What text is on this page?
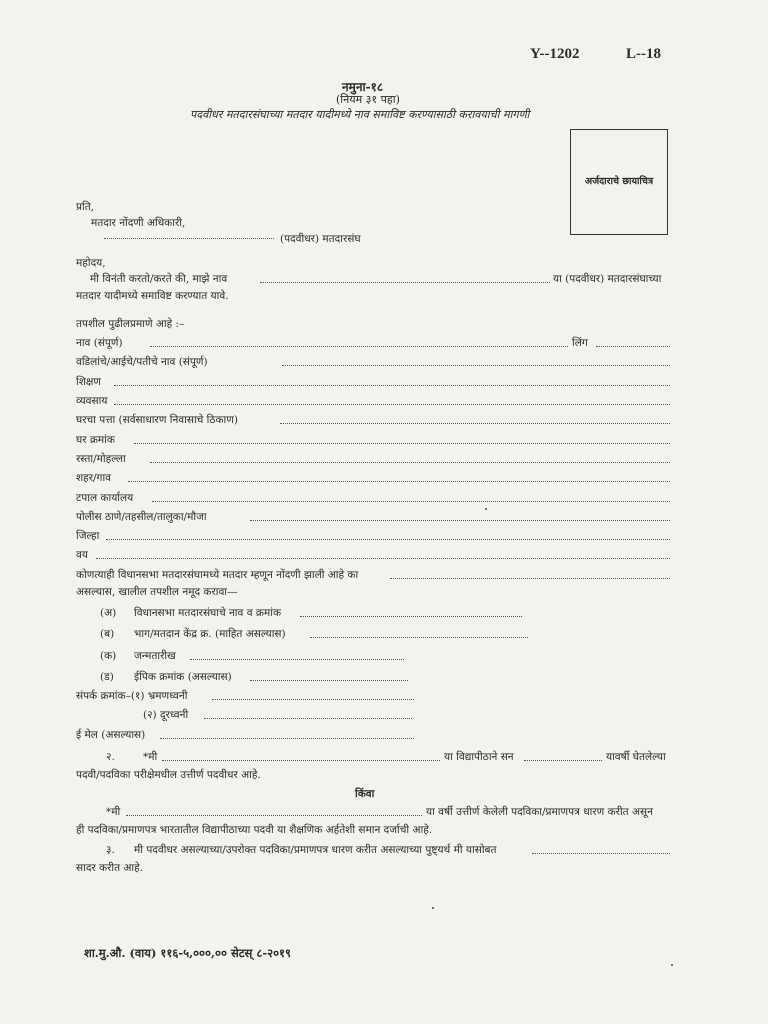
Y--1202	L--18
नमुना-१८
(नियम ३१ पहा)
पदवीधर मतदारसंघाच्या मतदार यादीमध्ये नाव समाविष्ट करण्यासाठी करावयाची मागणी
अर्जदाराचे छायाचित्र
प्रति,
मतदार नोंदणी अधिकारी,
(पदवीधर) मतदारसंघ
महोदय,
मी विनंती करतो/करते की, माझे नाव	या (पदवीधर) मतदारसंघाच्या
मतदार यादीमध्ये समाविष्ट करण्यात यावे.
तपशील पुढीलप्रमाणे आहे :–
नाव (संपूर्ण)	लिंग
वडिलांचे/आईचे/पतीचे नाव (संपूर्ण)
शिक्षण
व्यवसाय
घरचा पत्ता (सर्वसाधारण निवासाचे ठिकाण)
घर क्रमांक
रस्ता/मोहल्ला
शहर/गाव
टपाल कार्यालय
पोलीस ठाणे/तहसील/तालुका/मौजा
जिल्हा
वय
कोणत्याही विधानसभा मतदारसंघामध्ये मतदार म्हणून नोंदणी झाली आहे का
असल्यास, खालील तपशील नमूद करावा—
(अ) विधानसभा मतदारसंघाचे नाव व क्रमांक
(ब) भाग/मतदान केंद्र क्र. (माहित असल्यास)
(क) जन्मतारीख
(ड) ईपिक क्रमांक (असल्यास)
संपर्क क्रमांक–(१) भ्रमणध्वनी
(२) दूरध्वनी
ई मेल (असल्यास)
२.	*मी	या विद्यापीठाने सन	यावर्षी घेतलेल्या
पदवी/पदविका परीक्षेमधील उत्तीर्ण पदवीधर आहे.
किंवा
*मी	या वर्षी उत्तीर्ण केलेली पदविका/प्रमाणपत्र धारण करीत असून
ही पदविका/प्रमाणपत्र भारतातील विद्यापीठाच्या पदवी या शैक्षणिक अर्हतेशी समान दर्जाची आहे.
३. मी पदवीधर असल्याच्या/उपरोक्त पदविका/प्रमाणपत्र धारण करीत असल्याच्या पुष्ट्यर्थ मी यासोबत
सादर करीत आहे.
शा.मु.औ. (वाय) ११६-५,०००,०० सेटस् ८-२०१९
